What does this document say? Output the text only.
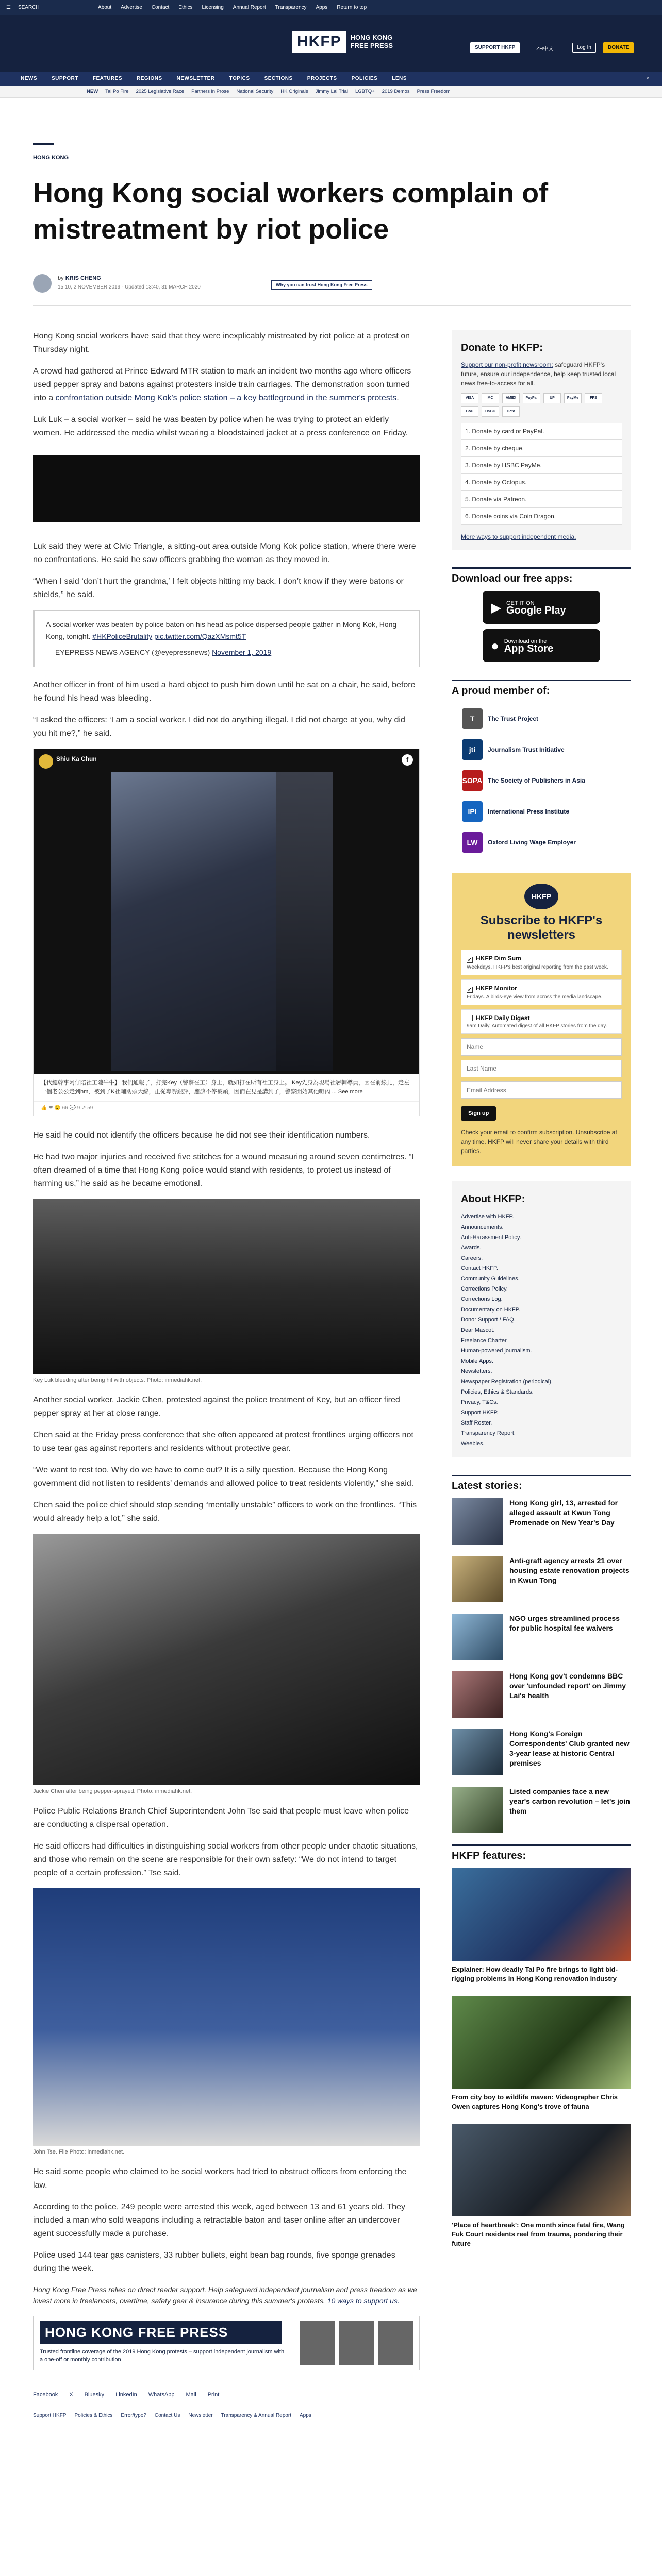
☰ SEARCH	About Advertise Contact Ethics Licensing Annual Report Transparency Apps Return to top
HKFP	HONG KONG
FREE PRESS	SUPPORT HKFP	ZH中文	Log In	DONATE
NEWS	SUPPORT	FEATURES	REGIONS	NEWSLETTER	TOPICS	SECTIONS	PROJECTS	POLICIES	LENS	⌕
NEW Tai Po Fire 2025 Legislative Race Partners in Prose National Security HK Originals Jimmy Lai Trial LGBTQ+ 2019 Demos Press Freedom
HONG KONG
Hong Kong social workers complain of mistreatment by riot police
by KRIS CHENG
15:10, 2 NOVEMBER 2019 · Updated 13:40, 31 MARCH 2020	Why you can trust Hong Kong Free Press

Hong Kong social workers have said that they were inexplicably mistreated by riot police at a protest on Thursday night.

A crowd had gathered at Prince Edward MTR station to mark an incident two months ago where officers used pepper spray and batons against protesters inside train carriages. The demonstration soon turned into a confrontation outside Mong Kok's police station – a key battleground in the summer's protests.

Luk Luk – a social worker – said he was beaten by police when he was trying to protect an elderly women. He addressed the media whilst wearing a bloodstained jacket at a press conference on Friday.

Luk said they were at Civic Triangle, a sitting-out area outside Mong Kok police station, where there were no confrontations. He said he saw officers grabbing the woman as they moved in.

“When I said ‘don’t hurt the grandma,’ I felt objects hitting my back. I don’t know if they were batons or shields,” he said.

A social worker was beaten by police baton on his head as police dispersed people gather in Mong Kok, Hong Kong, tonight. #HKPoliceBrutality pic.twitter.com/QazXMsmt5T

— EYEPRESS NEWS AGENCY (@eyepressnews) November 1, 2019

Another officer in front of him used a hard object to push him down until he sat on a chair, he said, before he found his head was bleeding.

“I asked the officers: ‘I am a social worker. I did not do anything illegal. I did not charge at you, why did you hit me?,” he said.

Shiu Ka Chun	f
【代總幹事阿仔陪社工陸牛牛】 我們通報了，打完Key（警察在工）身上，就如打在所有社工身上。 Key先身為現場社署輔導員，因在前線見，走左一個老公公走到hm，被到了K社輔助頭大綿，正從專嘢銀評，應該不停被頭，因而在見是講到了，警察開始其他嘢內 ... See more
👍 ❤ 😮 66 💬 9 ↗ 59

He said he could not identify the officers because he did not see their identification numbers.

He had two major injuries and received five stitches for a wound measuring around seven centimetres. “I often dreamed of a time that Hong Kong police would stand with residents, to protect us instead of harming us,” he said as he became emotional.

Key Luk bleeding after being hit with objects. Photo: inmediahk.net.

Another social worker, Jackie Chen, protested against the police treatment of Key, but an officer fired pepper spray at her at close range.

Chen said at the Friday press conference that she often appeared at protest frontlines urging officers not to use tear gas against reporters and residents without protective gear.

“We want to rest too. Why do we have to come out? It is a silly question. Because the Hong Kong government did not listen to residents’ demands and allowed police to treat residents violently,” she said.

Chen said the police chief should stop sending “mentally unstable” officers to work on the frontlines. “This would already help a lot,” she said.

Jackie Chen after being pepper-sprayed. Photo: inmediahk.net.

Police Public Relations Branch Chief Superintendent John Tse said that people must leave when police are conducting a dispersal operation.

He said officers had difficulties in distinguishing social workers from other people under chaotic situations, and those who remain on the scene are responsible for their own safety: “We do not intend to target people of a certain profession.” Tse said.

John Tse. File Photo: inmediahk.net.

He said some people who claimed to be social workers had tried to obstruct officers from enforcing the law.

According to the police, 249 people were arrested this week, aged between 13 and 61 years old. They included a man who sold weapons including a retractable baton and taser online after an undercover agent successfully made a purchase.

Police used 144 tear gas canisters, 33 rubber bullets, eight bean bag rounds, five sponge grenades during the week.

Hong Kong Free Press relies on direct reader support. Help safeguard independent journalism and press freedom as we invest more in freelancers, overtime, safety gear & insurance during this summer's protests. 10 ways to support us.

HONG KONG FREE PRESS
Trusted frontline coverage of the 2019 Hong Kong protests – support independent journalism with a one-off or monthly contribution
Facebook X Bluesky LinkedIn WhatsApp Mail Print
Support HKFP Policies & Ethics Error/typo? Contact Us Newsletter Transparency & Annual Report Apps
Donate to HKFP:

Support our non-profit newsroom: safeguard HKFP's future, ensure our independence, help keep trusted local news free-to-access for all.

VISA	MC	AMEX	PayPal	UP	PayMe	FPS
BoC	HSBC	Octo
1. Donate by card or PayPal.
2. Donate by cheque.
3. Donate by HSBC PayMe.
4. Donate by Octopus.
5. Donate via Patreon.
6. Donate coins via Coin Dragon.

More ways to support independent media.

Download our free apps:
▶ GET IT ON
Google Play
● Download on the
App Store
A proud member of:
T	The Trust Project
jti	Journalism Trust Initiative
SOPA The Society of Publishers in Asia
IPI	International Press Institute
LW	Oxford Living Wage Employer
HKFP
Subscribe to HKFP's newsletters
✓ HKFP Dim Sum
Weekdays. HKFP's best original reporting from the past week.
✓ HKFP Monitor
Fridays. A birds-eye view from across the media landscape.
HKFP Daily Digest
9am Daily. Automated digest of all HKFP stories from the day.
Name
Last Name
Email Address
Sign up

Check your email to confirm subscription. Unsubscribe at any time. HKFP will never share your details with third parties.

About HKFP:
Advertise with HKFP.
Announcements.
Anti-Harassment Policy.
Awards.
Careers.
Contact HKFP.
Community Guidelines.
Corrections Policy.
Corrections Log.
Documentary on HKFP.
Donor Support / FAQ.
Dear Mascot.
Freelance Charter.
Human-powered journalism.
Mobile Apps.
Newsletters.
Newspaper Registration (periodical).
Policies, Ethics & Standards.
Privacy, T&Cs.
Support HKFP.
Staff Roster.
Transparency Report.
Weebles.
Latest stories:
Hong Kong girl, 13, arrested for alleged assault at Kwun Tong Promenade on New Year's Day
Anti-graft agency arrests 21 over housing estate renovation projects in Kwun Tong
NGO urges streamlined process for public hospital fee waivers
Hong Kong gov't condemns BBC over 'unfounded report' on Jimmy Lai's health
Hong Kong's Foreign Correspondents' Club granted new 3-year lease at historic Central premises
Listed companies face a new year's carbon revolution – let's join them
HKFP features:
Explainer: How deadly Tai Po fire brings to light bid-rigging problems in Hong Kong renovation industry
From city boy to wildlife maven: Videographer Chris Owen captures Hong Kong's trove of fauna
'Place of heartbreak': One month since fatal fire, Wang Fuk Court residents reel from trauma, pondering their future
